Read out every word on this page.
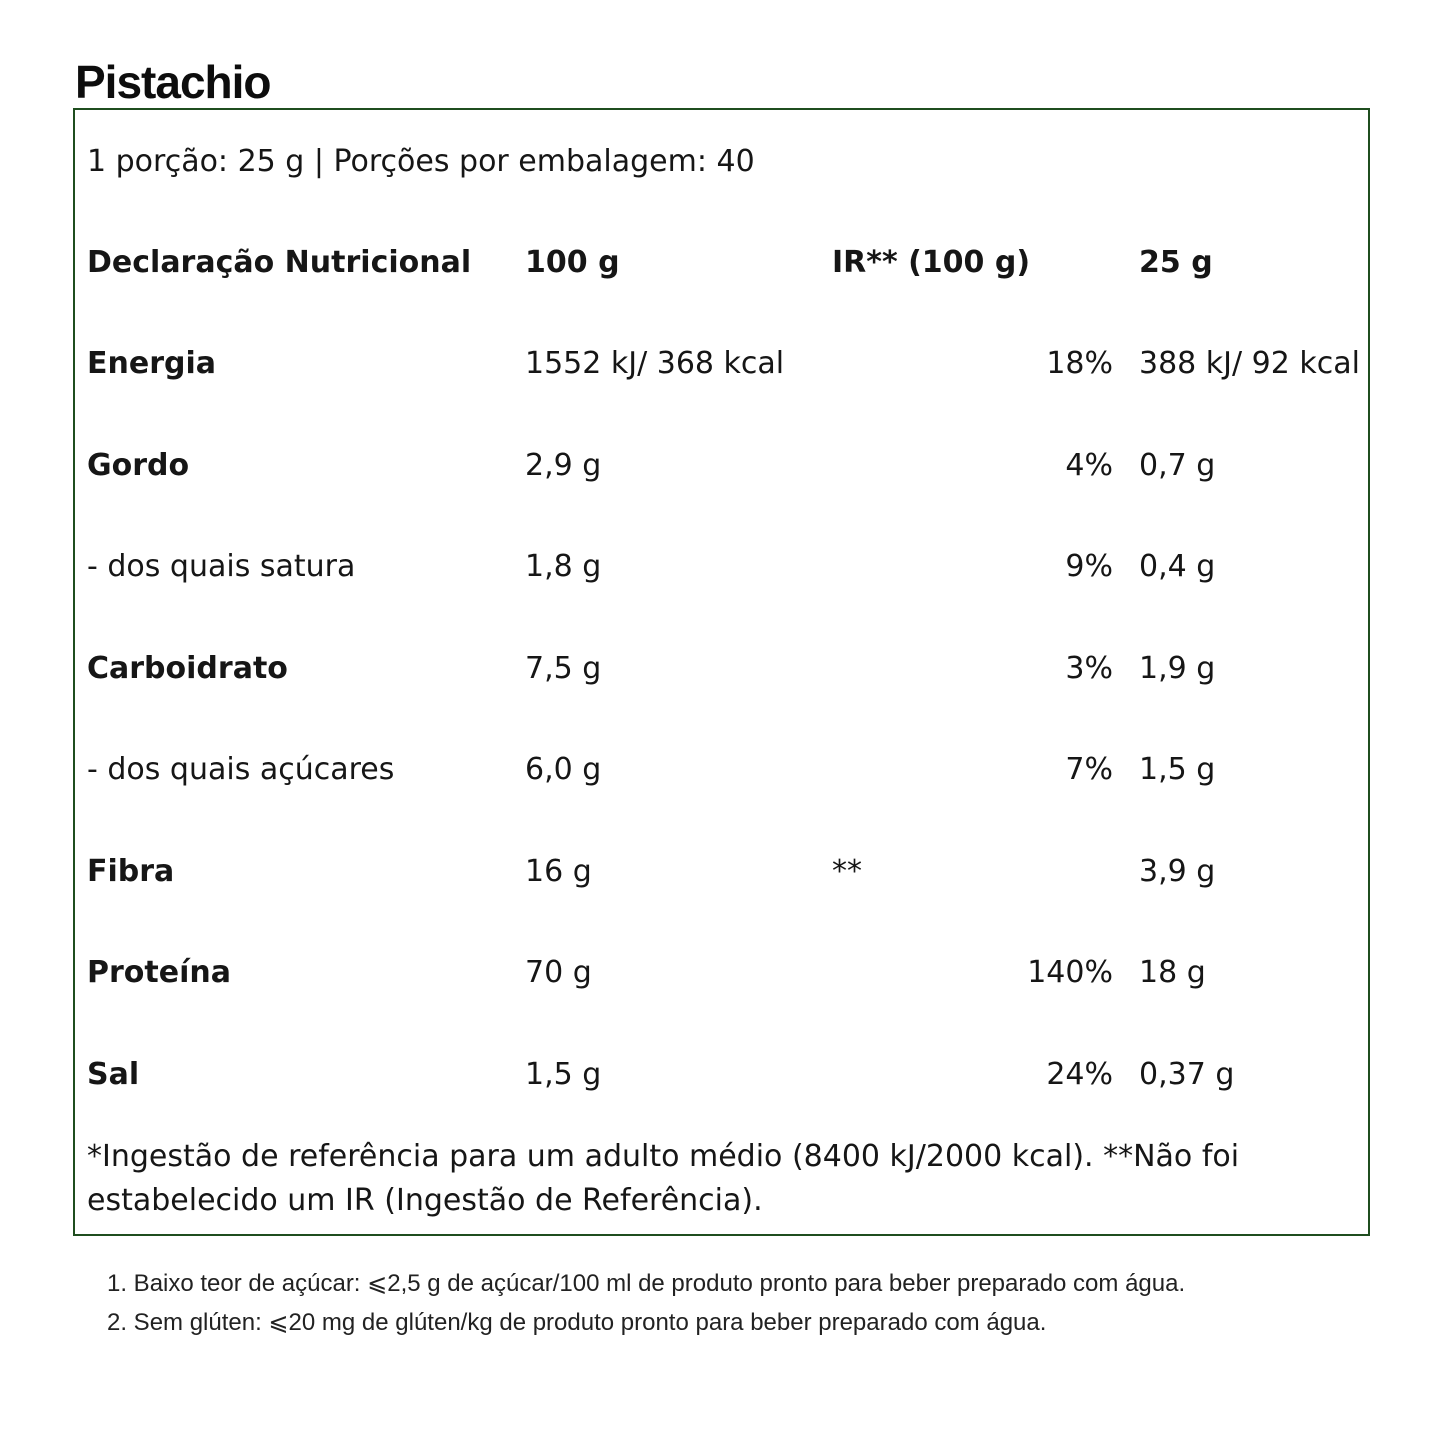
Pistachio
1 porção: 25 g | Porções por embalagem: 40
Declaração Nutricional 100 g	IR** (100 g)	25 g
Energia	1552 kJ/ 368 kcal	18% 388 kJ/ 92 kcal
Gordo	2,9 g	4% 0,7 g
- dos quais satura	1,8 g	9% 0,4 g
Carboidrato	7,5 g	3% 1,9 g
- dos quais açúcares	6,0 g	7% 1,5 g
Fibra	16 g	**	3,9 g
Proteína	70 g	140% 18 g
Sal	1,5 g	24% 0,37 g
*Ingestão de referência para um adulto médio (8400 kJ/2000 kcal). **Não foi estabelecido um IR (Ingestão de Referência).
1. Baixo teor de açúcar: ⩽2,5 g de açúcar/100 ml de produto pronto para beber preparado com água.
2. Sem glúten: ⩽20 mg de glúten/kg de produto pronto para beber preparado com água.
